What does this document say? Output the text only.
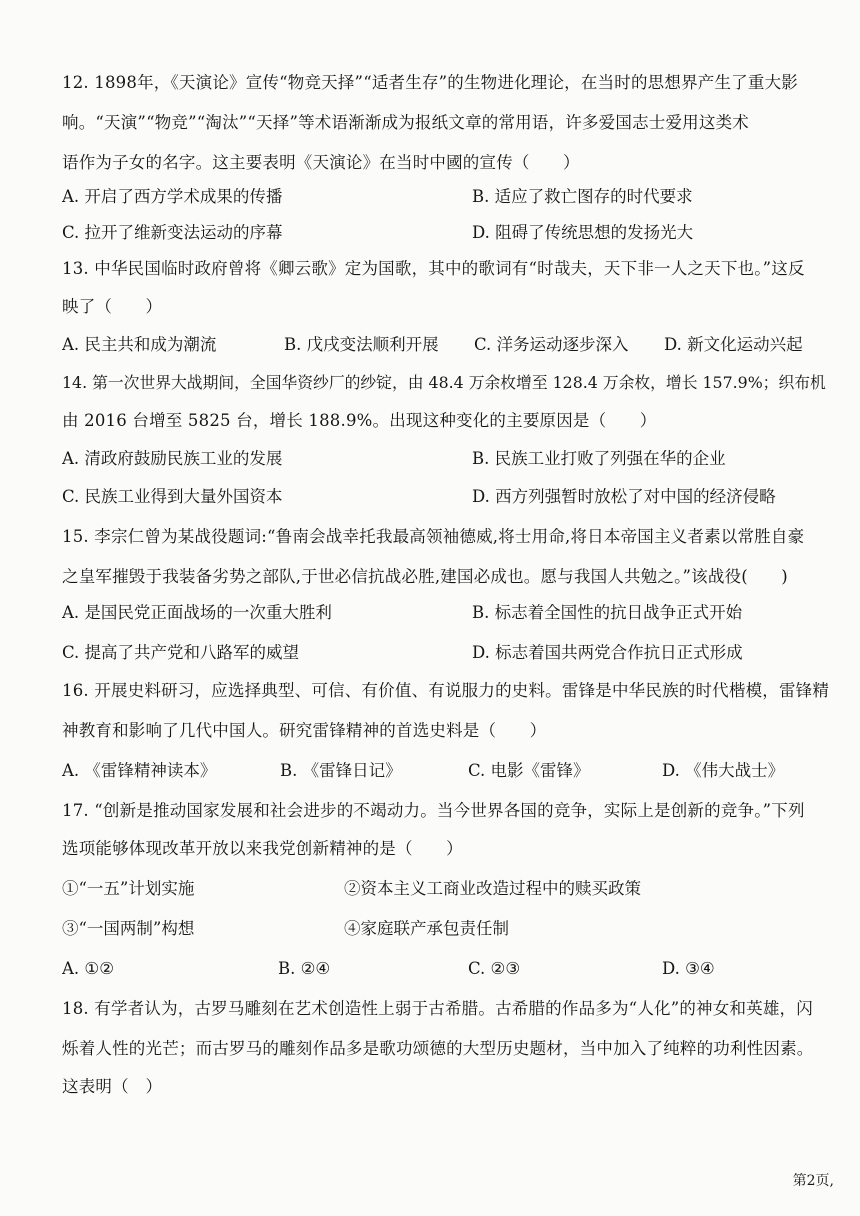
12. 1898年，《天演论》宣传“物竞天择”“适者生存”的生物进化理论，在当时的思想界产生了重大影
响。“天演”“物竞”“淘汰”“天择”等术语渐渐成为报纸文章的常用语，许多爱国志士爱用这类术
语作为子女的名字。这主要表明《天演论》在当时中國的宣传（　　）
A. 开启了西方学术成果的传播	B. 适应了救亡图存的时代要求
C. 拉开了维新变法运动的序幕	D. 阻碍了传统思想的发扬光大
13. 中华民国临时政府曾将《卿云歌》定为国歌，其中的歌词有“时哉夫，天下非一人之天下也。”这反
映了（　　）
A. 民主共和成为潮流	B. 戊戌变法顺利开展 C. 洋务运动逐步深入 D. 新文化运动兴起
14. 第一次世界大战期间，全国华资纱厂的纱锭，由 48.4 万余枚增至 128.4 万余枚，增长 157.9%；织布机
由 2016 台增至 5825 台，增长 188.9%。出现这种变化的主要原因是（　　）
A. 清政府鼓励民族工业的发展	B. 民族工业打败了列强在华的企业
C. 民族工业得到大量外国资本	D. 西方列强暂时放松了对中国的经济侵略
15. 李宗仁曾为某战役题词:“鲁南会战幸托我最高领袖德威,将士用命,将日本帝国主义者素以常胜自豪
之皇军摧毁于我装备劣势之部队,于世必信抗战必胜,建国必成也。愿与我国人共勉之。”该战役(　　)
A. 是国民党正面战场的一次重大胜利	B. 标志着全国性的抗日战争正式开始
C. 提高了共产党和八路军的威望	D. 标志着国共两党合作抗日正式形成
16. 开展史料研习，应选择典型、可信、有价值、有说服力的史料。雷锋是中华民族的时代楷模，雷锋精
神教育和影响了几代中国人。研究雷锋精神的首选史料是（　　）
A. 《雷锋精神读本》	B. 《雷锋日记》	C. 电影《雷锋》	D. 《伟大战士》
17. “创新是推动国家发展和社会进步的不竭动力。当今世界各国的竞争，实际上是创新的竞争。”下列
选项能够体现改革开放以来我党创新精神的是（　　）
①“一五”计划实施	②资本主义工商业改造过程中的赎买政策
③“一国两制”构想	④家庭联产承包责任制
A. ①②	B. ②④	C. ②③	D. ③④
18. 有学者认为，古罗马雕刻在艺术创造性上弱于古希腊。古希腊的作品多为“人化”的神女和英雄，闪
烁着人性的光芒；而古罗马的雕刻作品多是歌功颂德的大型历史题材，当中加入了纯粹的功利性因素。
这表明（　）
第2页,
